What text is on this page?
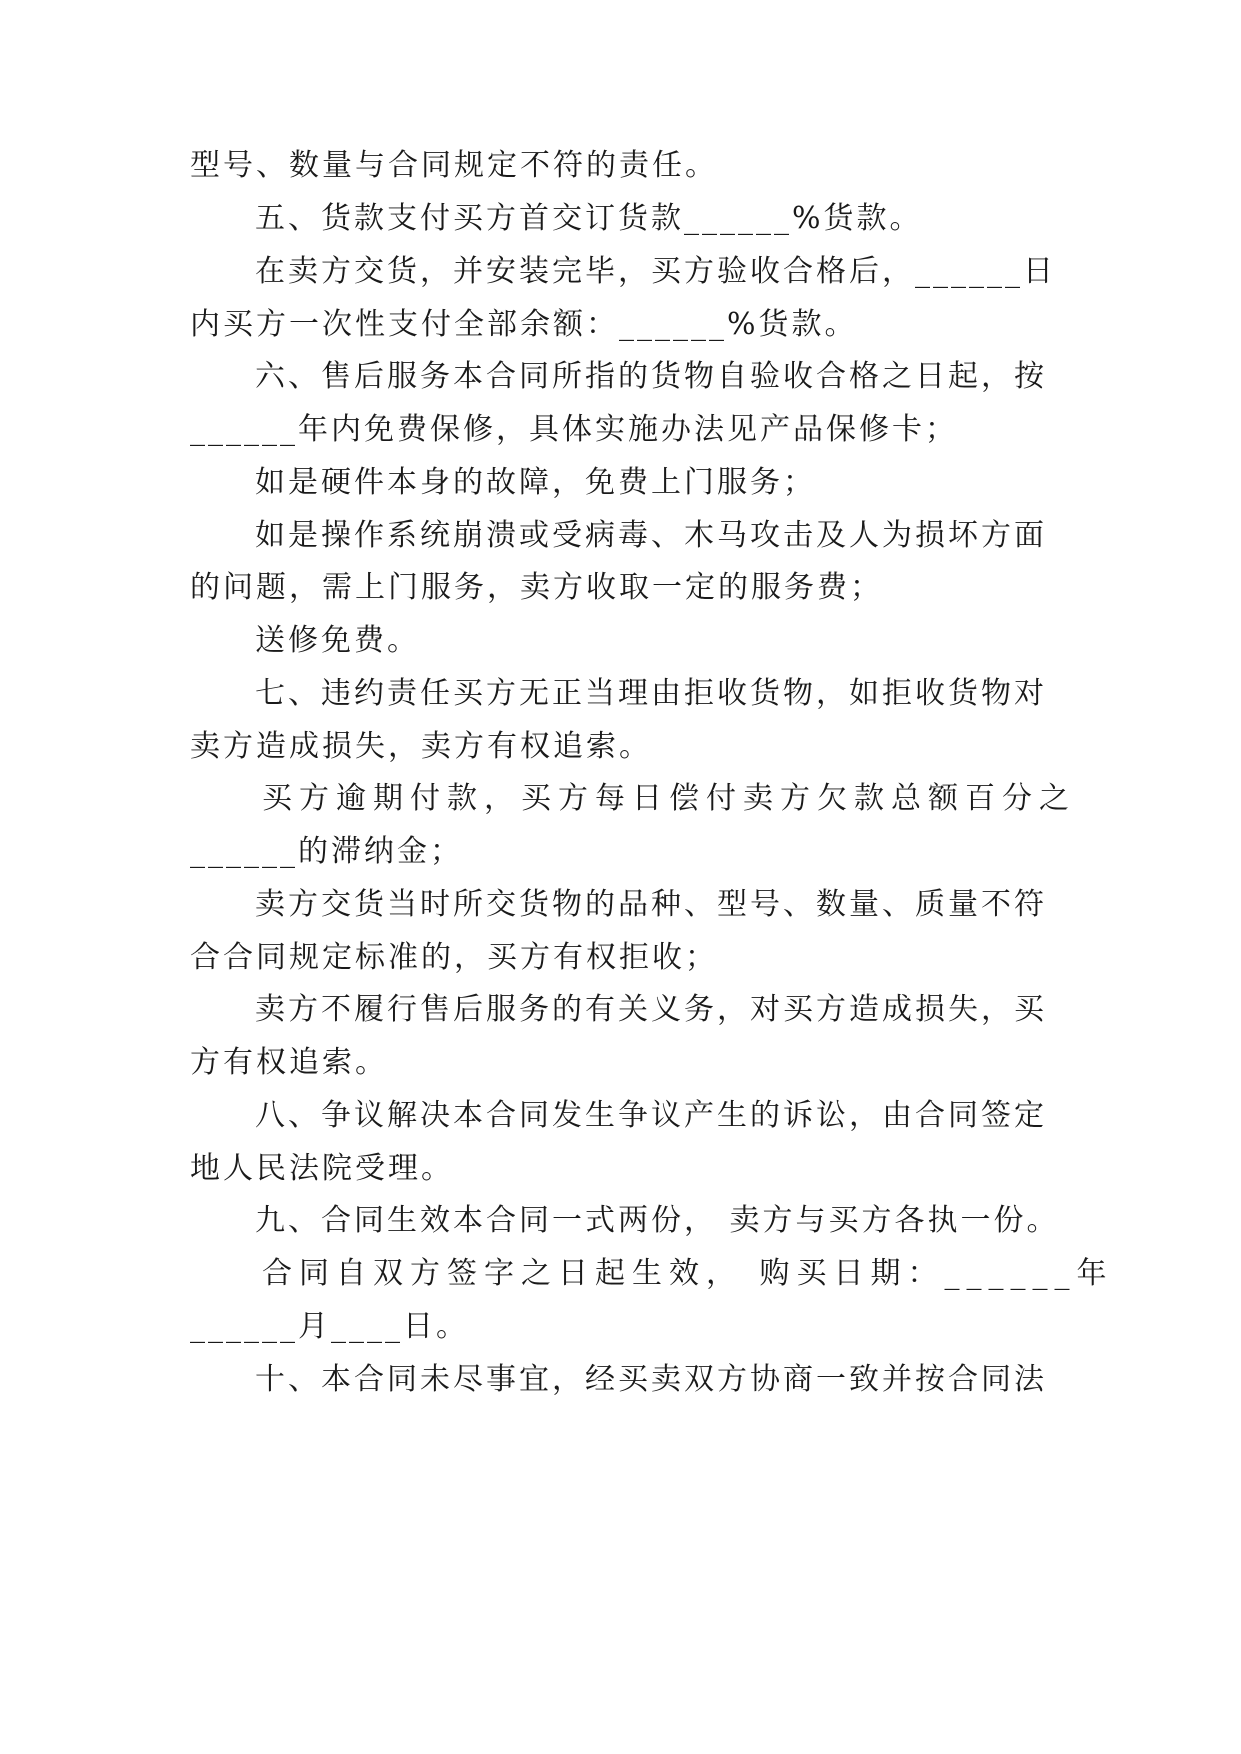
型号、数量与合同规定不符的责任。
五、货款支付买方首交订货款______%货款。
在卖方交货，并安装完毕，买方验收合格后，______日
内买方一次性支付全部余额：______%货款。
六、售后服务本合同所指的货物自验收合格之日起，按
______年内免费保修，具体实施办法见产品保修卡；
如是硬件本身的故障，免费上门服务；
如是操作系统崩溃或受病毒、木马攻击及人为损坏方面
的问题，需上门服务，卖方收取一定的服务费；
送修免费。
七、违约责任买方无正当理由拒收货物，如拒收货物对
卖方造成损失，卖方有权追索。
买方逾期付款，买方每日偿付卖方欠款总额百分之
______的滞纳金；
卖方交货当时所交货物的品种、型号、数量、质量不符
合合同规定标准的，买方有权拒收；
卖方不履行售后服务的有关义务，对买方造成损失，买
方有权追索。
八、争议解决本合同发生争议产生的诉讼，由合同签定
地人民法院受理。
九、合同生效本合同一式两份， 卖方与买方各执一份。
合同自双方签字之日起生效， 购买日期：______年
______月____日。
十、本合同未尽事宜，经买卖双方协商一致并按合同法
